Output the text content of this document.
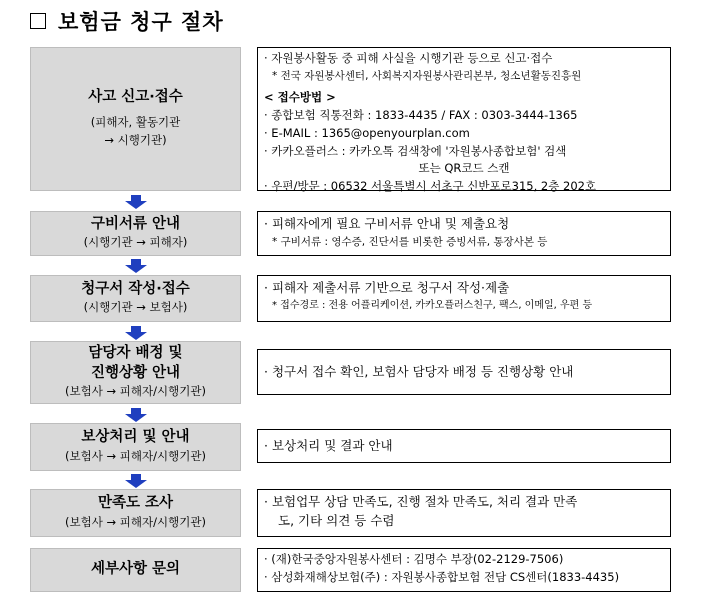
보험금 청구 절차
사고 신고·접수
(피해자, 활동기관
→ 시행기관)
· 자원봉사활동 중 피해 사실을 시행기관 등으로 신고·접수
* 전국 자원봉사센터, 사회복지자원봉사관리본부, 청소년활동진흥원
< 접수방법 >
· 종합보험 직통전화 : 1833-4435 / FAX : 0303-3444-1365
· E-MAIL : 1365@openyourplan.com
· 카카오플러스 : 카카오톡 검색창에 '자원봉사종합보험' 검색
또는 QR코드 스캔
· 우편/방문 : 06532 서울특별시 서초구 신반포로315, 2층 202호
구비서류 안내
(시행기관 → 피해자)
· 피해자에게 필요 구비서류 안내 및 제출요청
* 구비서류 : 영수증, 진단서를 비롯한 증빙서류, 통장사본 등
청구서 작성·접수
(시행기관 → 보험사)
· 피해자 제출서류 기반으로 청구서 작성·제출
* 접수경로 : 전용 어플리케이션, 카카오플러스친구, 팩스, 이메일, 우편 등
담당자 배정 및
진행상황 안내
(보험사 → 피해자/시행기관)
· 청구서 접수 확인, 보험사 담당자 배정 등 진행상황 안내
보상처리 및 안내
(보험사 → 피해자/시행기관)
· 보상처리 및 결과 안내
만족도 조사
(보험사 → 피해자/시행기관)
· 보험업무 상담 만족도, 진행 절차 만족도, 처리 결과 만족
도, 기타 의견 등 수렴
세부사항 문의
· (재)한국중앙자원봉사센터 : 김명수 부장(02-2129-7506)
· 삼성화재해상보험(주) : 자원봉사종합보험 전담 CS센터(1833-4435)
